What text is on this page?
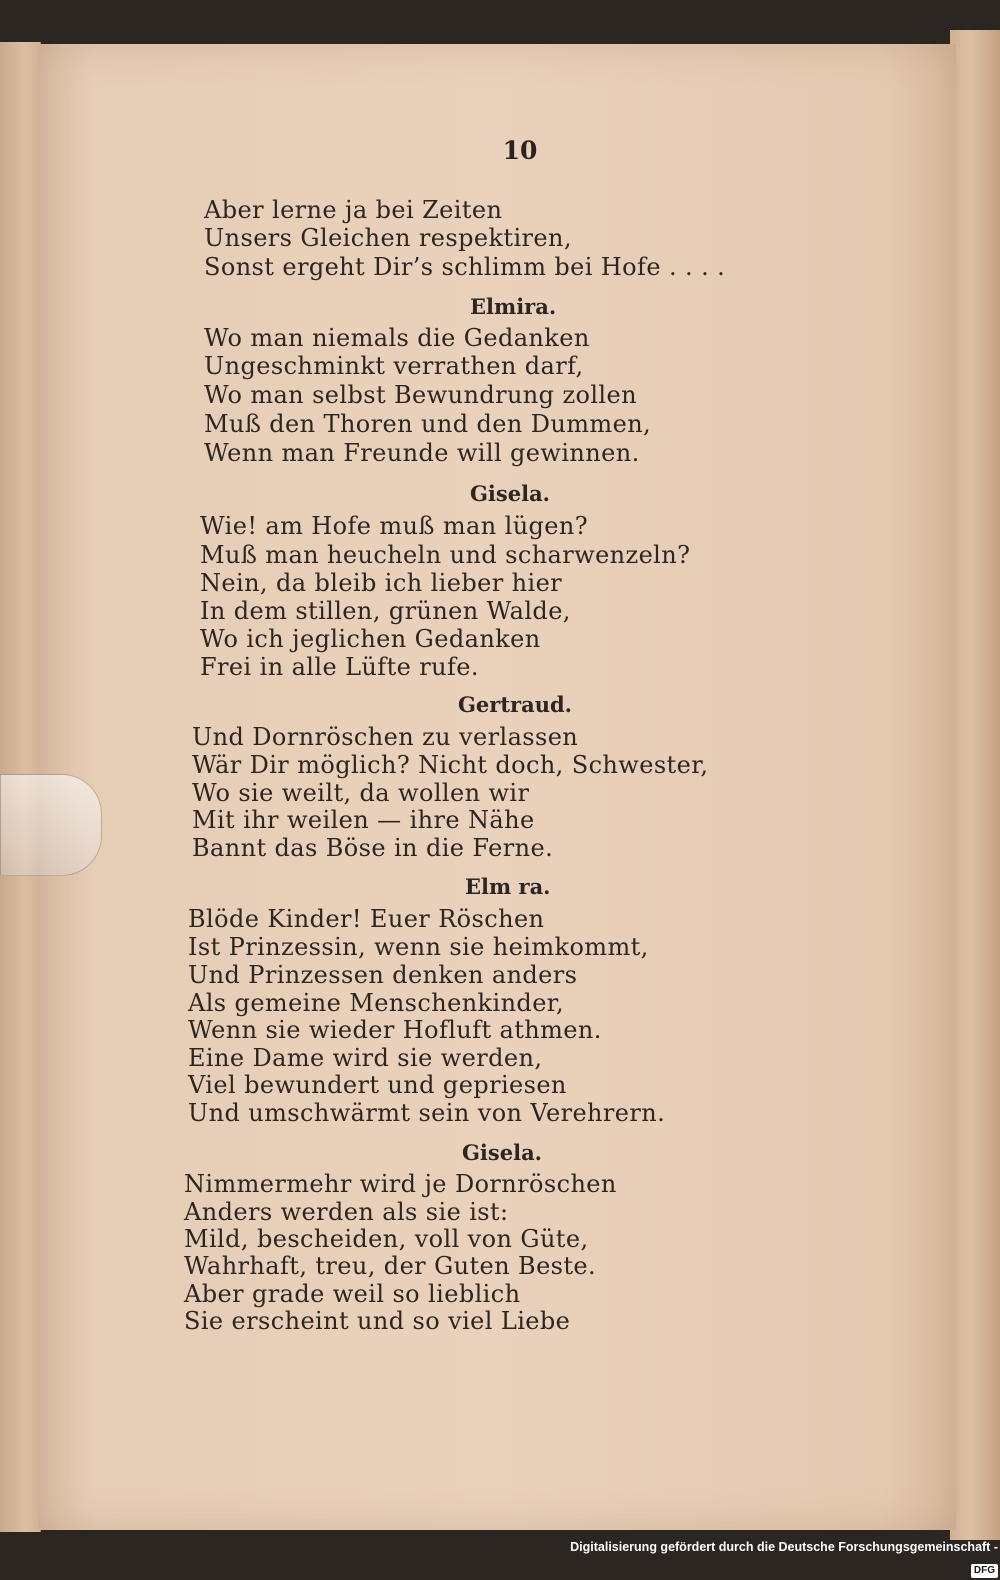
10
Aber lerne ja bei Zeiten
Unsers Gleichen respektiren,
Sonst ergeht Dir’s schlimm bei Hofe . . . .
Elmira.
Wo man niemals die Gedanken
Ungeschminkt verrathen darf,
Wo man selbst Bewundrung zollen
Muß den Thoren und den Dummen,
Wenn man Freunde will gewinnen.
Gisela.
Wie! am Hofe muß man lügen?
Muß man heucheln und scharwenzeln?
Nein, da bleib ich lieber hier
In dem stillen, grünen Walde,
Wo ich jeglichen Gedanken
Frei in alle Lüfte rufe.
Gertraud.
Und Dornröschen zu verlassen
Wär Dir möglich? Nicht doch, Schwester,
Wo sie weilt, da wollen wir
Mit ihr weilen — ihre Nähe
Bannt das Böse in die Ferne.
Elm ra.
Blöde Kinder! Euer Röschen
Ist Prinzessin, wenn sie heimkommt,
Und Prinzessen denken anders
Als gemeine Menschenkinder,
Wenn sie wieder Hofluft athmen.
Eine Dame wird sie werden,
Viel bewundert und gepriesen
Und umschwärmt sein von Verehrern.
Gisela.
Nimmermehr wird je Dornröschen
Anders werden als sie ist:
Mild, bescheiden, voll von Güte,
Wahrhaft, treu, der Guten Beste.
Aber grade weil so lieblich
Sie erscheint und so viel Liebe
Digitalisierung gefördert durch die Deutsche Forschungsgemeinschaft -DFG
